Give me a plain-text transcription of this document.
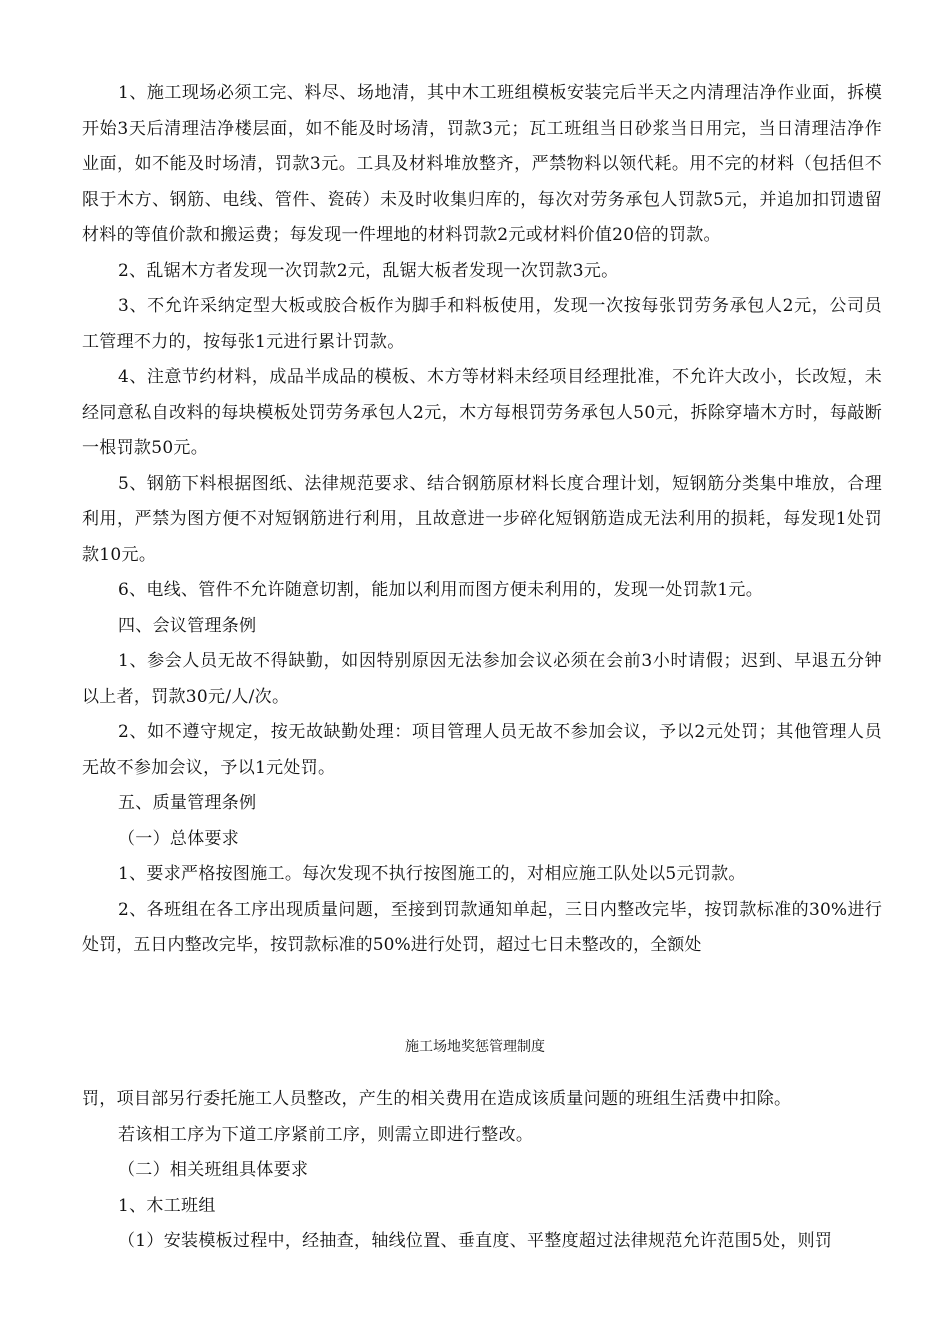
1、施工现场必须工完、料尽、场地清，其中木工班组模板安装完后半天之内清理洁净作业面，拆模开始3天后清理洁净楼层面，如不能及时场清，罚款3元；瓦工班组当日砂浆当日用完，当日清理洁净作业面，如不能及时场清，罚款3元。工具及材料堆放整齐，严禁物料以领代耗。用不完的材料（包括但不限于木方、钢筋、电线、管件、瓷砖）未及时收集归库的，每次对劳务承包人罚款5元，并追加扣罚遗留材料的等值价款和搬运费；每发现一件埋地的材料罚款2元或材料价值20倍的罚款。

2、乱锯木方者发现一次罚款2元，乱锯大板者发现一次罚款3元。

3、不允许采纳定型大板或胶合板作为脚手和料板使用，发现一次按每张罚劳务承包人2元，公司员工管理不力的，按每张1元进行累计罚款。

4、注意节约材料，成品半成品的模板、木方等材料未经项目经理批准，不允许大改小，长改短，未经同意私自改料的每块模板处罚劳务承包人2元，木方每根罚劳务承包人50元，拆除穿墙木方时，每敲断一根罚款50元。

5、钢筋下料根据图纸、法律规范要求、结合钢筋原材料长度合理计划，短钢筋分类集中堆放，合理利用，严禁为图方便不对短钢筋进行利用，且故意进一步碎化短钢筋造成无法利用的损耗，每发现1处罚款10元。

6、电线、管件不允许随意切割，能加以利用而图方便未利用的，发现一处罚款1元。

四、会议管理条例

1、参会人员无故不得缺勤，如因特别原因无法参加会议必须在会前3小时请假；迟到、早退五分钟以上者，罚款30元/人/次。

2、如不遵守规定，按无故缺勤处理：项目管理人员无故不参加会议，予以2元处罚；其他管理人员无故不参加会议，予以1元处罚。

五、质量管理条例

（一）总体要求

1、要求严格按图施工。每次发现不执行按图施工的，对相应施工队处以5元罚款。

2、各班组在各工序出现质量问题，至接到罚款通知单起，三日内整改完毕，按罚款标准的30%进行处罚，五日内整改完毕，按罚款标准的50%进行处罚，超过七日未整改的，全额处

施工场地奖惩管理制度

罚，项目部另行委托施工人员整改，产生的相关费用在造成该质量问题的班组生活费中扣除。

若该相工序为下道工序紧前工序，则需立即进行整改。

（二）相关班组具体要求

1、木工班组

（1）安装模板过程中，经抽查，轴线位置、垂直度、平整度超过法律规范允许范围5处，则罚
